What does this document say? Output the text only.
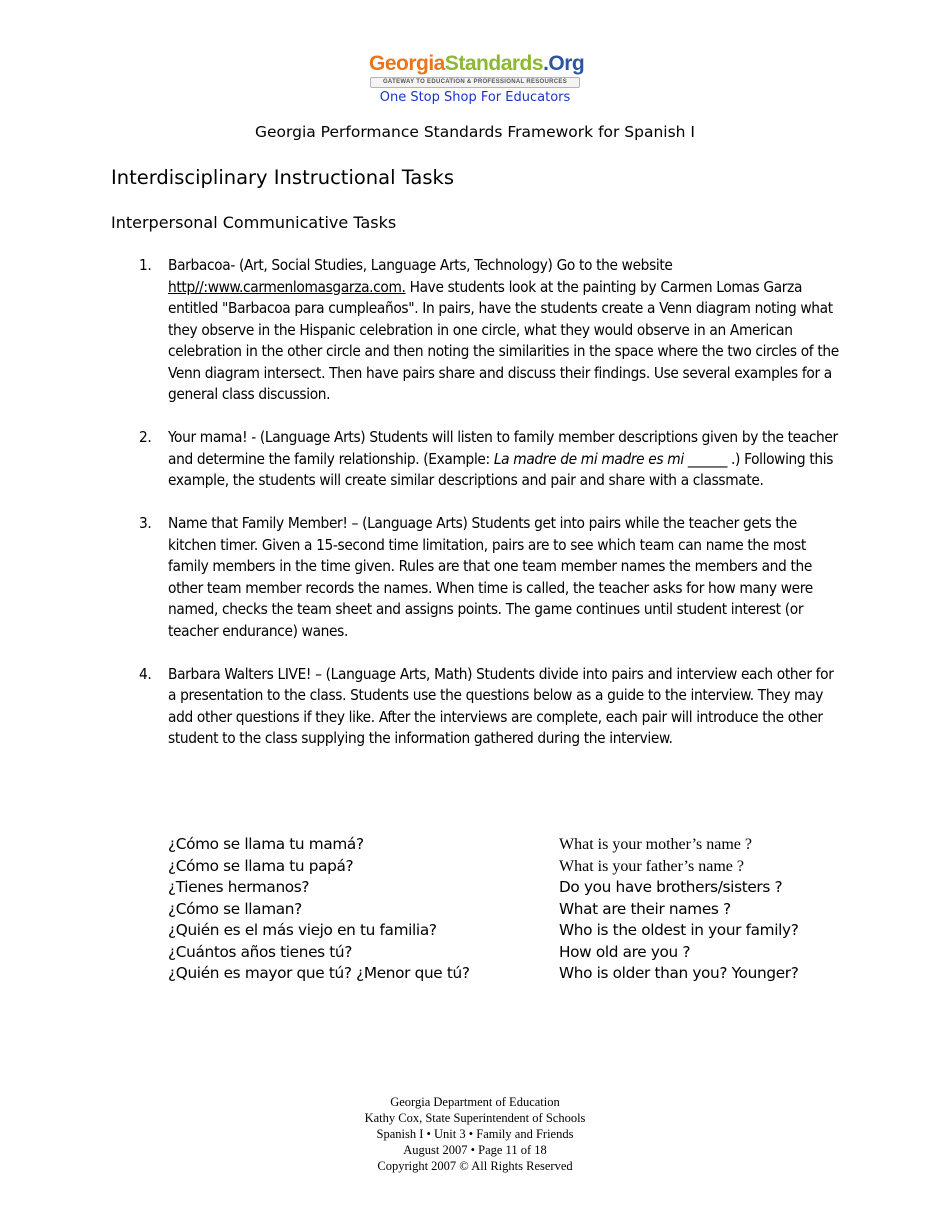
GeorgiaStandards.Org
GATEWAY TO EDUCATION & PROFESSIONAL RESOURCES
One Stop Shop For Educators
Georgia Performance Standards Framework for Spanish I
Interdisciplinary Instructional Tasks
Interpersonal Communicative Tasks
1. Barbacoa- (Art, Social Studies, Language Arts, Technology) Go to the website http//:www.carmenlomasgarza.com. Have students look at the painting by Carmen Lomas Garza entitled "Barbacoa para cumpleaños". In pairs, have the students create a Venn diagram noting what they observe in the Hispanic celebration in one circle, what they would observe in an American celebration in the other circle and then noting the similarities in the space where the two circles of the Venn diagram intersect. Then have pairs share and discuss their findings. Use several examples for a general class discussion.
2. Your mama! - (Language Arts) Students will listen to family member descriptions given by the teacher and determine the family relationship. (Example: La madre de mi madre es mi ______ .) Following this example, the students will create similar descriptions and pair and share with a classmate.
3. Name that Family Member! – (Language Arts) Students get into pairs while the teacher gets the kitchen timer. Given a 15-second time limitation, pairs are to see which team can name the most family members in the time given. Rules are that one team member names the members and the other team member records the names. When time is called, the teacher asks for how many were named, checks the team sheet and assigns points. The game continues until student interest (or teacher endurance) wanes.
4. Barbara Walters LIVE! – (Language Arts, Math) Students divide into pairs and interview each other for a presentation to the class. Students use the questions below as a guide to the interview. They may add other questions if they like. After the interviews are complete, each pair will introduce the other student to the class supplying the information gathered during the interview.
¿Cómo se llama tu mamá?	What is your mother’s name ?
¿Cómo se llama tu papá?	What is your father’s name ?
¿Tienes hermanos?	Do you have brothers/sisters ?
¿Cómo se llaman?	What are their names ?
¿Quién es el más viejo en tu familia?	Who is the oldest in your family?
¿Cuántos años tienes tú?	How old are you ?
¿Quién es mayor que tú? ¿Menor que tú?	Who is older than you? Younger?
Georgia Department of Education
Kathy Cox, State Superintendent of Schools
Spanish I • Unit 3 • Family and Friends
August 2007 • Page 11 of 18
Copyright 2007 © All Rights Reserved
